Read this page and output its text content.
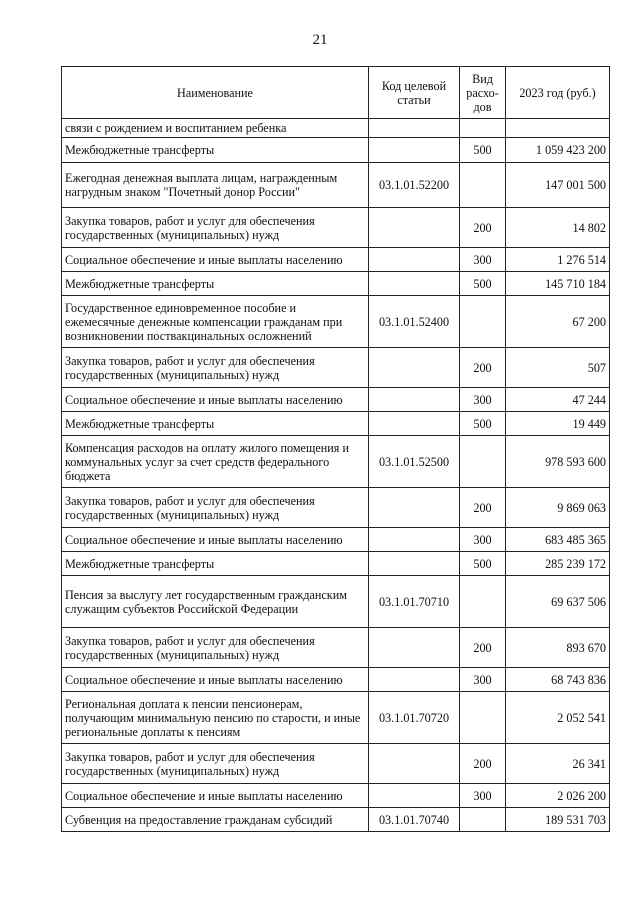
21
Наименование	Код целевой статьи	Вид расхо-дов	2023 год (руб.)
связи с рождением и воспитанием ребенка			
Межбюджетные трансферты		500	1 059 423 200
Ежегодная денежная выплата лицам, награжденным нагрудным знаком "Почетный донор России"	03.1.01.52200		147 001 500
Закупка товаров, работ и услуг для обеспечения государственных (муниципальных) нужд		200	14 802
Социальное обеспечение и иные выплаты населению		300	1 276 514
Межбюджетные трансферты		500	145 710 184
Государственное единовременное пособие и ежемесячные денежные компенсации гражданам при возникновении поствакцинальных осложнений	03.1.01.52400		67 200
Закупка товаров, работ и услуг для обеспечения государственных (муниципальных) нужд		200	507
Социальное обеспечение и иные выплаты населению		300	47 244
Межбюджетные трансферты		500	19 449
Компенсация расходов на оплату жилого помещения и коммунальных услуг за счет средств федерального бюджета	03.1.01.52500		978 593 600
Закупка товаров, работ и услуг для обеспечения государственных (муниципальных) нужд		200	9 869 063
Социальное обеспечение и иные выплаты населению		300	683 485 365
Межбюджетные трансферты		500	285 239 172
Пенсия за выслугу лет государственным гражданским служащим субъектов Российской Федерации	03.1.01.70710		69 637 506
Закупка товаров, работ и услуг для обеспечения государственных (муниципальных) нужд		200	893 670
Социальное обеспечение и иные выплаты населению		300	68 743 836
Региональная доплата к пенсии пенсионерам, получающим минимальную пенсию по старости, и иные региональные доплаты к пенсиям	03.1.01.70720		2 052 541
Закупка товаров, работ и услуг для обеспечения государственных (муниципальных) нужд		200	26 341
Социальное обеспечение и иные выплаты населению		300	2 026 200
Субвенция на предоставление гражданам субсидий	03.1.01.70740		189 531 703
